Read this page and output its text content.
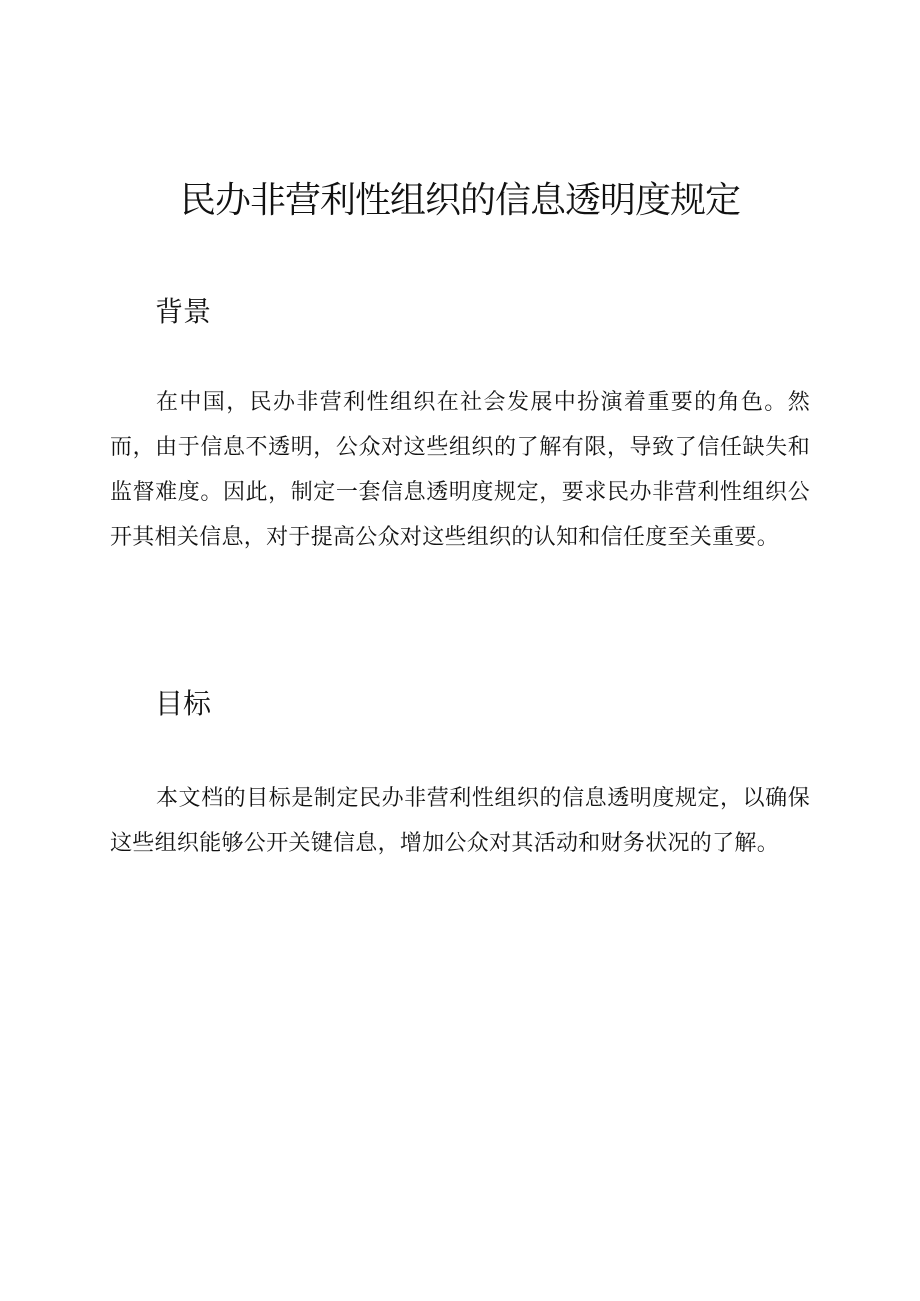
民办非营利性组织的信息透明度规定
背景

在中国，民办非营利性组织在社会发展中扮演着重要的角色。然而，由于信息不透明，公众对这些组织的了解有限，导致了信任缺失和监督难度。因此，制定一套信息透明度规定，要求民办非营利性组织公开其相关信息，对于提高公众对这些组织的认知和信任度至关重要。

目标

本文档的目标是制定民办非营利性组织的信息透明度规定，以确保这些组织能够公开关键信息，增加公众对其活动和财务状况的了解。
